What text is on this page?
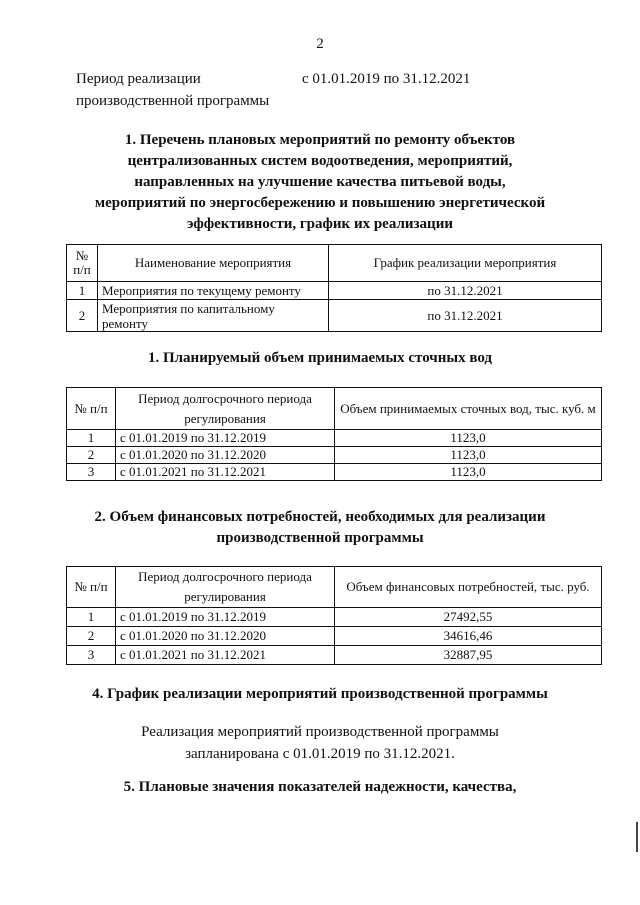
2
Период реализации
производственной программы
с 01.01.2019 по 31.12.2021
1. Перечень плановых мероприятий по ремонту объектов
централизованных систем водоотведения, мероприятий,
направленных на улучшение качества питьевой воды,
мероприятий по энергосбережению и повышению энергетической
эффективности, график их реализации
№ п/п	Наименование мероприятия	График реализации мероприятия
1	Мероприятия по текущему ремонту	по 31.12.2021
2	Мероприятия по капитальному ремонту	по 31.12.2021
1. Планируемый объем принимаемых сточных вод
№ п/п	Период долгосрочного периода регулирования	Объем принимаемых сточных вод, тыс. куб. м
1	с 01.01.2019 по 31.12.2019	1123,0
2	с 01.01.2020 по 31.12.2020	1123,0
3	с 01.01.2021 по 31.12.2021	1123,0
2. Объем финансовых потребностей, необходимых для реализации
производственной программы
№ п/п	Период долгосрочного периода регулирования	Объем финансовых потребностей, тыс. руб.
1	с 01.01.2019 по 31.12.2019	27492,55
2	с 01.01.2020 по 31.12.2020	34616,46
3	с 01.01.2021 по 31.12.2021	32887,95
4. График реализации мероприятий производственной программы
Реализация мероприятий производственной программы
запланирована с 01.01.2019 по 31.12.2021.
5. Плановые значения показателей надежности, качества,
